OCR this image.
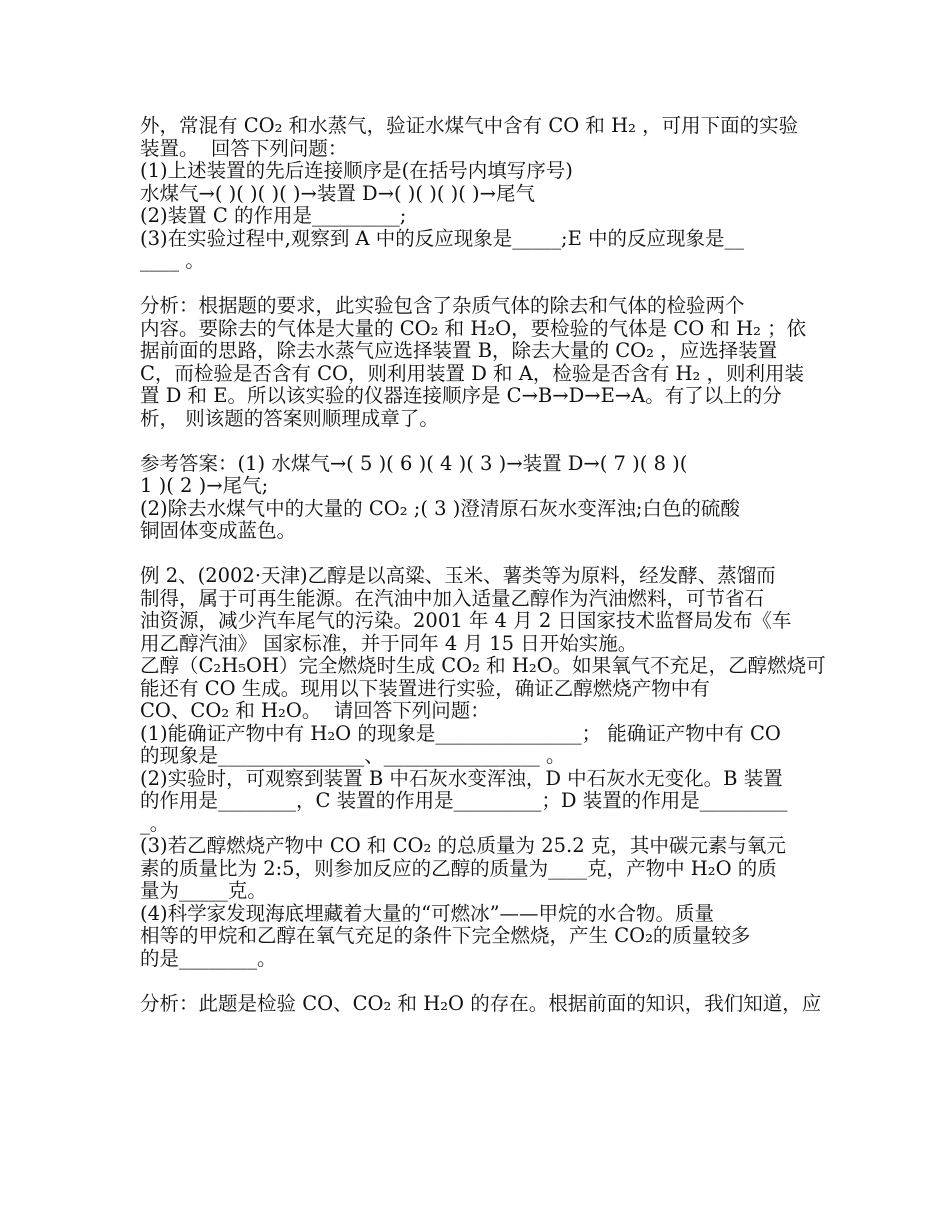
外，常混有 CO₂ 和水蒸气，验证水煤气中含有 CO 和 H₂ ，可用下面的实验
装置。  回答下列问题：
(1)上述装置的先后连接顺序是(在括号内填写序号)
水煤气→( )( )( )( )→装置 D→( )( )( )( )→尾气
(2)装置 C 的作用是_________;
(3)在实验过程中,观察到 A 中的反应现象是_____;E 中的反应现象是__
____ 。
分析：根据题的要求，此实验包含了杂质气体的除去和气体的检验两个
内容。要除去的气体是大量的 CO₂ 和 H₂O，要检验的气体是 CO 和 H₂ ；依
据前面的思路，除去水蒸气应选择装置 B，除去大量的 CO₂ ，应选择装置
C，而检验是否含有 CO，则利用装置 D 和 A，检验是否含有 H₂ ，则利用装
置 D 和 E。所以该实验的仪器连接顺序是 C→B→D→E→A。有了以上的分
析， 则该题的答案则顺理成章了。
参考答案：(1) 水煤气→( 5 )( 6 )( 4 )( 3 )→装置 D→( 7 )( 8 )(
1 )( 2 )→尾气;
(2)除去水煤气中的大量的 CO₂ ;( 3 )澄清原石灰水变浑浊;白色的硫酸
铜固体变成蓝色。
例 2、(2002·天津)乙醇是以高粱、玉米、薯类等为原料，经发酵、蒸馏而
制得，属于可再生能源。在汽油中加入适量乙醇作为汽油燃料，可节省石
油资源，减少汽车尾气的污染。2001 年 4 月 2 日国家技术监督局发布《车
用乙醇汽油》 国家标准，并于同年 4 月 15 日开始实施。
乙醇（C₂H₅OH）完全燃烧时生成 CO₂ 和 H₂O。如果氧气不充足，乙醇燃烧可
能还有 CO 生成。现用以下装置进行实验，确证乙醇燃烧产物中有
CO、CO₂ 和 H₂O。  请回答下列问题：
(1)能确证产物中有 H₂O 的现象是_______________； 能确证产物中有 CO
的现象是_______________、________________ 。
(2)实验时，可观察到装置 B 中石灰水变浑浊，D 中石灰水无变化。B 装置
的作用是________，C 装置的作用是_________；D 装置的作用是_________
_。
(3)若乙醇燃烧产物中 CO 和 CO₂ 的总质量为 25.2 克，其中碳元素与氧元
素的质量比为 2:5，则参加反应的乙醇的质量为____克，产物中 H₂O 的质
量为_____克。
(4)科学家发现海底埋藏着大量的“可燃冰”——甲烷的水合物。质量
相等的甲烷和乙醇在氧气充足的条件下完全燃烧，产生 CO₂的质量较多
的是________。
分析：此题是检验 CO、CO₂ 和 H₂O 的存在。根据前面的知识，我们知道，应
